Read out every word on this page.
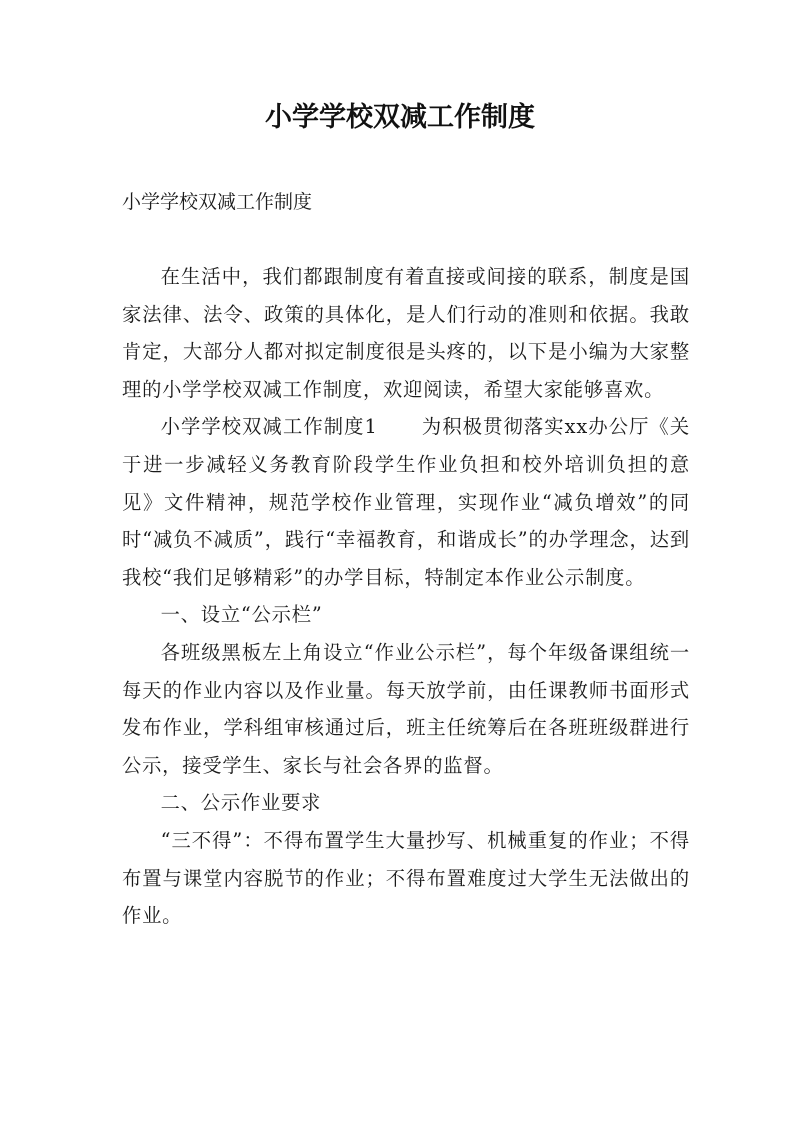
小学学校双减工作制度

小学学校双减工作制度

在生活中，我们都跟制度有着直接或间接的联系，制度是国家法律、法令、政策的具体化，是人们行动的准则和依据。我敢肯定，大部分人都对拟定制度很是头疼的，以下是小编为大家整理的小学学校双减工作制度，欢迎阅读，希望大家能够喜欢。

小学学校双减工作制度1 为积极贯彻落实xx办公厅《关于进一步减轻义务教育阶段学生作业负担和校外培训负担的意见》文件精神，规范学校作业管理，实现作业“减负增效”的同时“减负不减质”，践行“幸福教育，和谐成长”的办学理念，达到我校“我们足够精彩”的办学目标，特制定本作业公示制度。

一、设立“公示栏”

各班级黑板左上角设立“作业公示栏”，每个年级备课组统一每天的作业内容以及作业量。每天放学前，由任课教师书面形式发布作业，学科组审核通过后，班主任统筹后在各班班级群进行公示，接受学生、家长与社会各界的监督。

二、公示作业要求

“三不得”：不得布置学生大量抄写、机械重复的作业；不得布置与课堂内容脱节的作业；不得布置难度过大学生无法做出的作业。
